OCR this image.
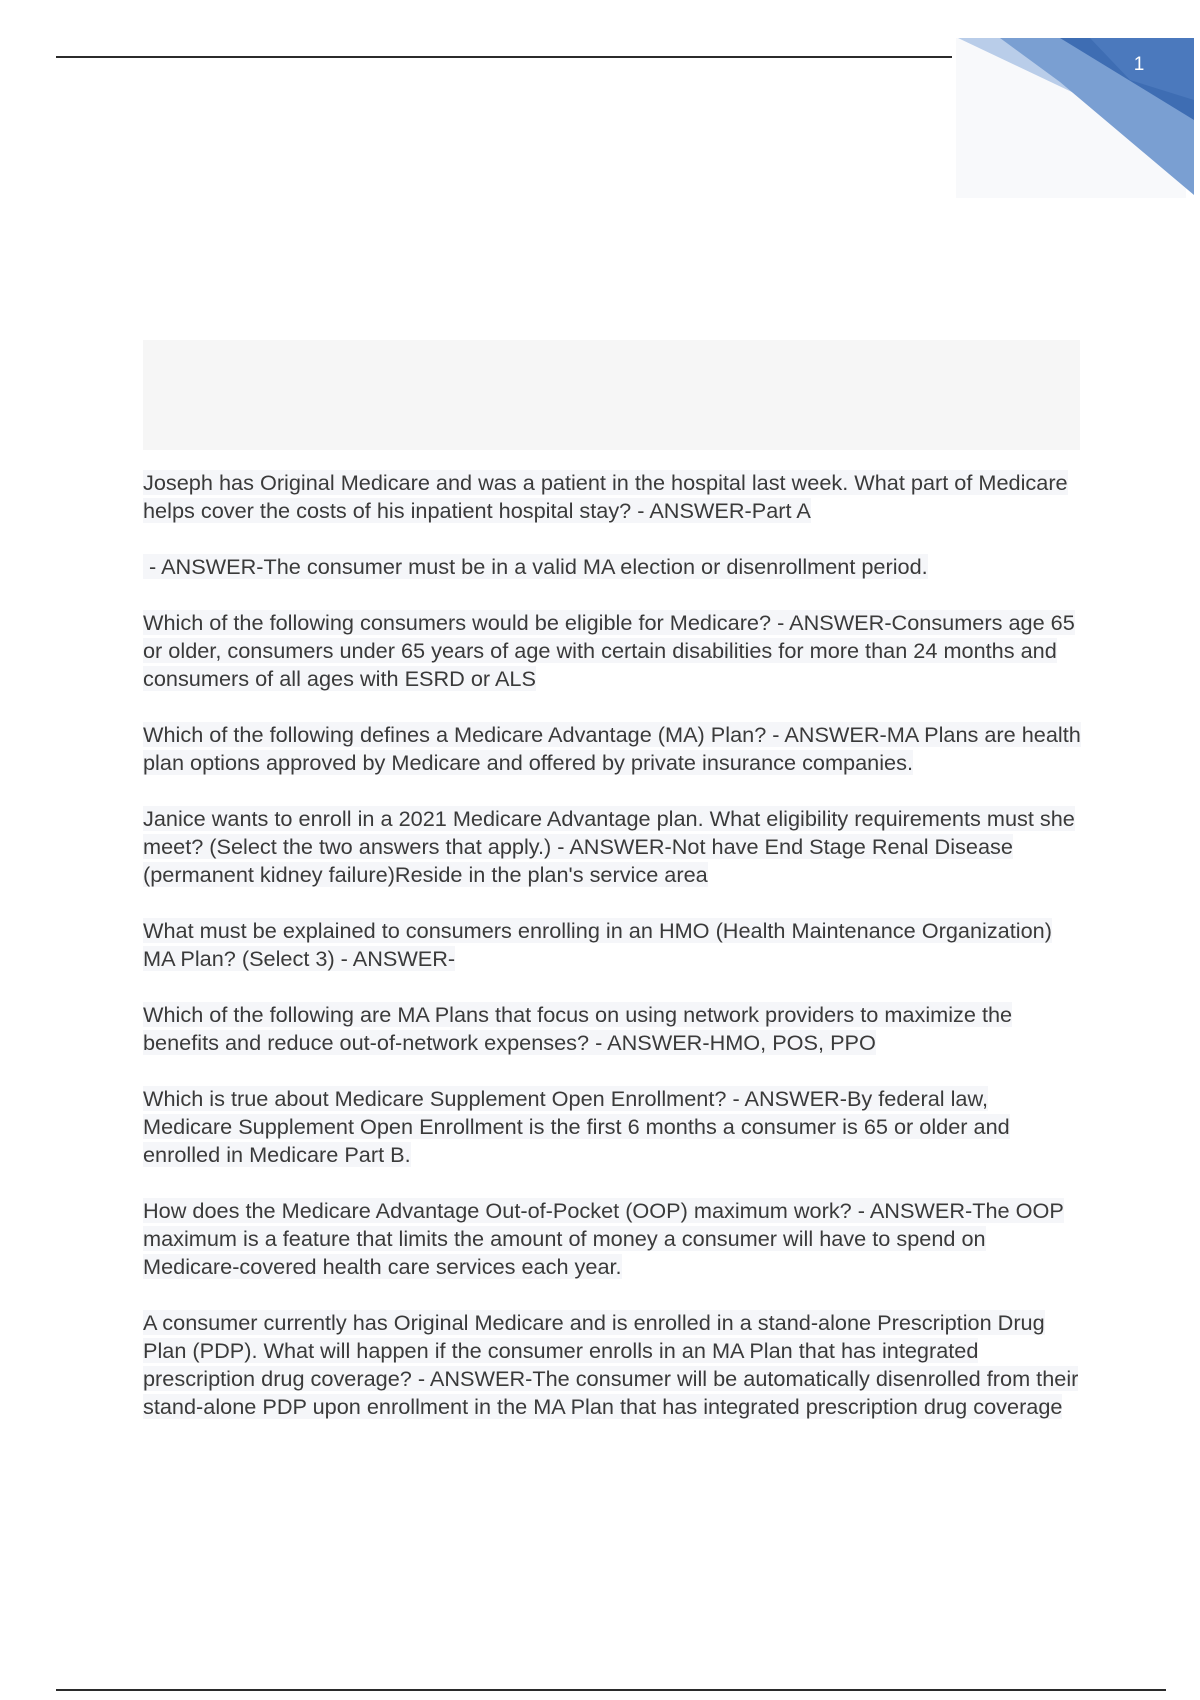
1

Joseph has Original Medicare and was a patient in the hospital last week. What part of Medicare helps cover the costs of his inpatient hospital stay? - ANSWER-Part A

- ANSWER-The consumer must be in a valid MA election or disenrollment period.

Which of the following consumers would be eligible for Medicare? - ANSWER-Consumers age 65 or older, consumers under 65 years of age with certain disabilities for more than 24 months and consumers of all ages with ESRD or ALS

Which of the following defines a Medicare Advantage (MA) Plan? - ANSWER-MA Plans are health plan options approved by Medicare and offered by private insurance companies.

Janice wants to enroll in a 2021 Medicare Advantage plan. What eligibility requirements must she meet? (Select the two answers that apply.) - ANSWER-Not have End Stage Renal Disease (permanent kidney failure)Reside in the plan's service area

What must be explained to consumers enrolling in an HMO (Health Maintenance Organization) MA Plan? (Select 3) - ANSWER-

Which of the following are MA Plans that focus on using network providers to maximize the benefits and reduce out-of-network expenses? - ANSWER-HMO, POS, PPO

Which is true about Medicare Supplement Open Enrollment? - ANSWER-By federal law, Medicare Supplement Open Enrollment is the first 6 months a consumer is 65 or older and enrolled in Medicare Part B.

How does the Medicare Advantage Out-of-Pocket (OOP) maximum work? - ANSWER-The OOP maximum is a feature that limits the amount of money a consumer will have to spend on Medicare-covered health care services each year.

A consumer currently has Original Medicare and is enrolled in a stand-alone Prescription Drug Plan (PDP). What will happen if the consumer enrolls in an MA Plan that has integrated prescription drug coverage? - ANSWER-The consumer will be automatically disenrolled from their stand-alone PDP upon enrollment in the MA Plan that has integrated prescription drug coverage
